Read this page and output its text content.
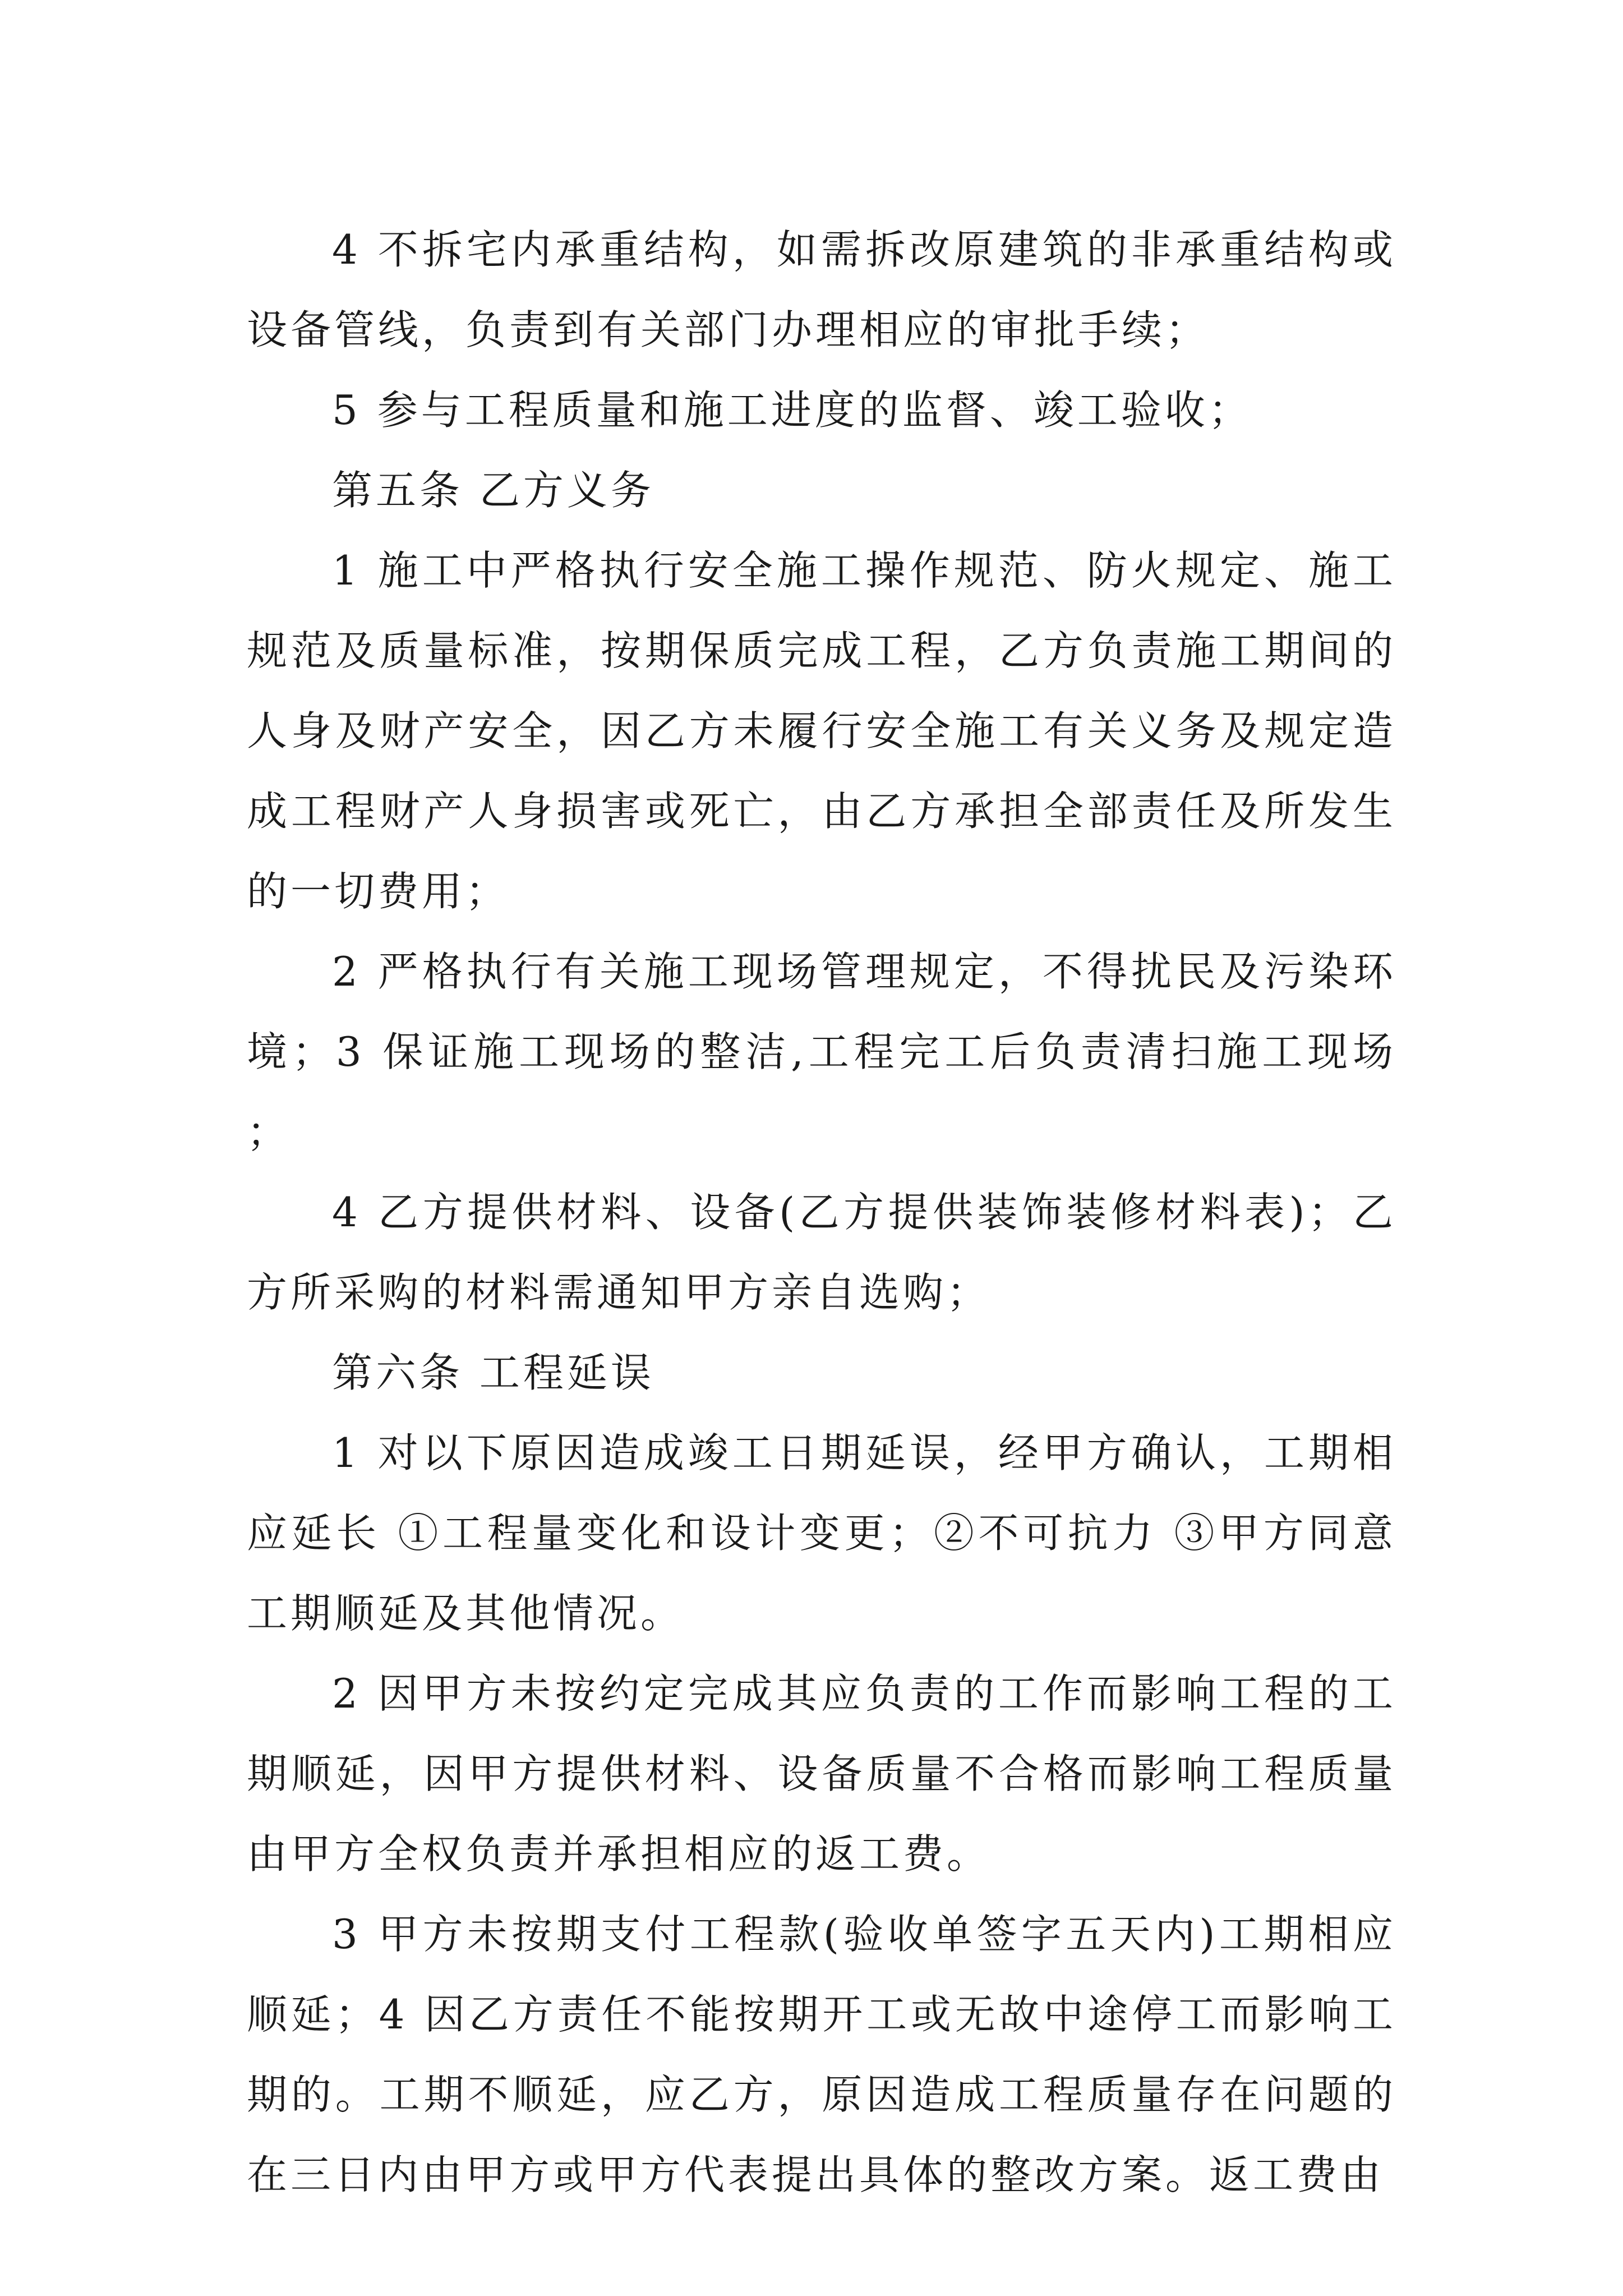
4 不拆宅内承重结构，如需拆改原建筑的非承重结构或设备管线，负责到有关部门办理相应的审批手续；

5 参与工程质量和施工进度的监督、竣工验收；

第五条 乙方义务

1 施工中严格执行安全施工操作规范、防火规定、施工规范及质量标准，按期保质完成工程，乙方负责施工期间的人身及财产安全，因乙方未履行安全施工有关义务及规定造成工程财产人身损害或死亡，由乙方承担全部责任及所发生的一切费用；

2 严格执行有关施工现场管理规定，不得扰民及污染环境；3 保证施工现场的整洁,工程完工后负责清扫施工现场；

4 乙方提供材料、设备(乙方提供装饰装修材料表)；乙方所采购的材料需通知甲方亲自选购；

第六条 工程延误

1 对以下原因造成竣工日期延误，经甲方确认，工期相应延长 ①工程量变化和设计变更；②不可抗力 ③甲方同意工期顺延及其他情况。

2 因甲方未按约定完成其应负责的工作而影响工程的工期顺延，因甲方提供材料、设备质量不合格而影响工程质量由甲方全权负责并承担相应的返工费。

3 甲方未按期支付工程款(验收单签字五天内)工期相应顺延；4 因乙方责任不能按期开工或无故中途停工而影响工期的。工期不顺延，应乙方，原因造成工程质量存在问题的在三日内由甲方或甲方代表提出具体的整改方案。返工费由
